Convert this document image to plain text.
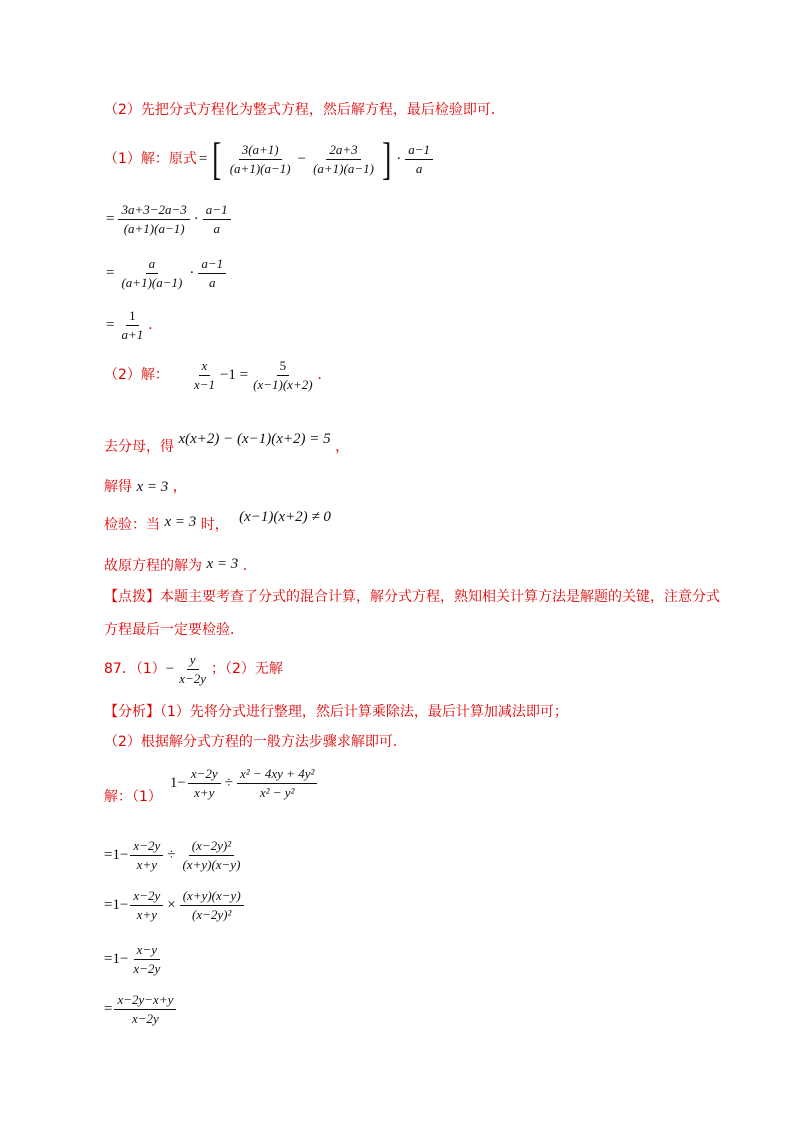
（2）先把分式方程化为整式方程，然后解方程，最后检验即可．
（1）解：原式 = [ $\frac{3(a+1)}{(a+1)(a-1)} - \frac{2a+3}{(a+1)(a-1)}$ ] · $\frac{a-1}{a}$
= $\frac{3a+3-2a-3}{(a+1)(a-1)} \cdot \frac{a-1}{a}$
= $\frac{a}{(a+1)(a-1)} \cdot \frac{a-1}{a}$
= $\frac{1}{a+1}$ ．
（2）解： $\frac{x}{x-1} -1 = \frac{5}{(x-1)(x+2)}$ ．
去分母，得 x(x+2) − (x−1)(x+2) = 5 ，
解得 x = 3 ，
检验：当 x = 3 时， (x−1)(x+2) ≠ 0
故原方程的解为 x = 3 ．
【点拨】本题主要考查了分式的混合计算，解分式方程，熟知相关计算方法是解题的关键，注意分式
方程最后一定要检验．
87．$(1) - \frac{y}{x-2y}$ ；（2）无解
【分析】（1）先将分式进行整理，然后计算乘除法，最后计算加减法即可；
（2）根据解分式方程的一般方法步骤求解即可．
解：（1）
$1- \frac{x-2y}{x+y} \div \frac{\text{x² − 4xy + 4y²}}{\text{x² − y²}}$
$=1- \frac{x-2y}{x+y} \div \frac{\text{(x−2y)²}}{(x+y)(x-y)}$
$=1- \frac{x-2y}{x+y} \times \frac{(x+y)(x-y)}{\text{(x−2y)²}}$
$=1- \frac{x-y}{x-2y}$
= $\frac{x-2y-x+y}{x-2y}$
